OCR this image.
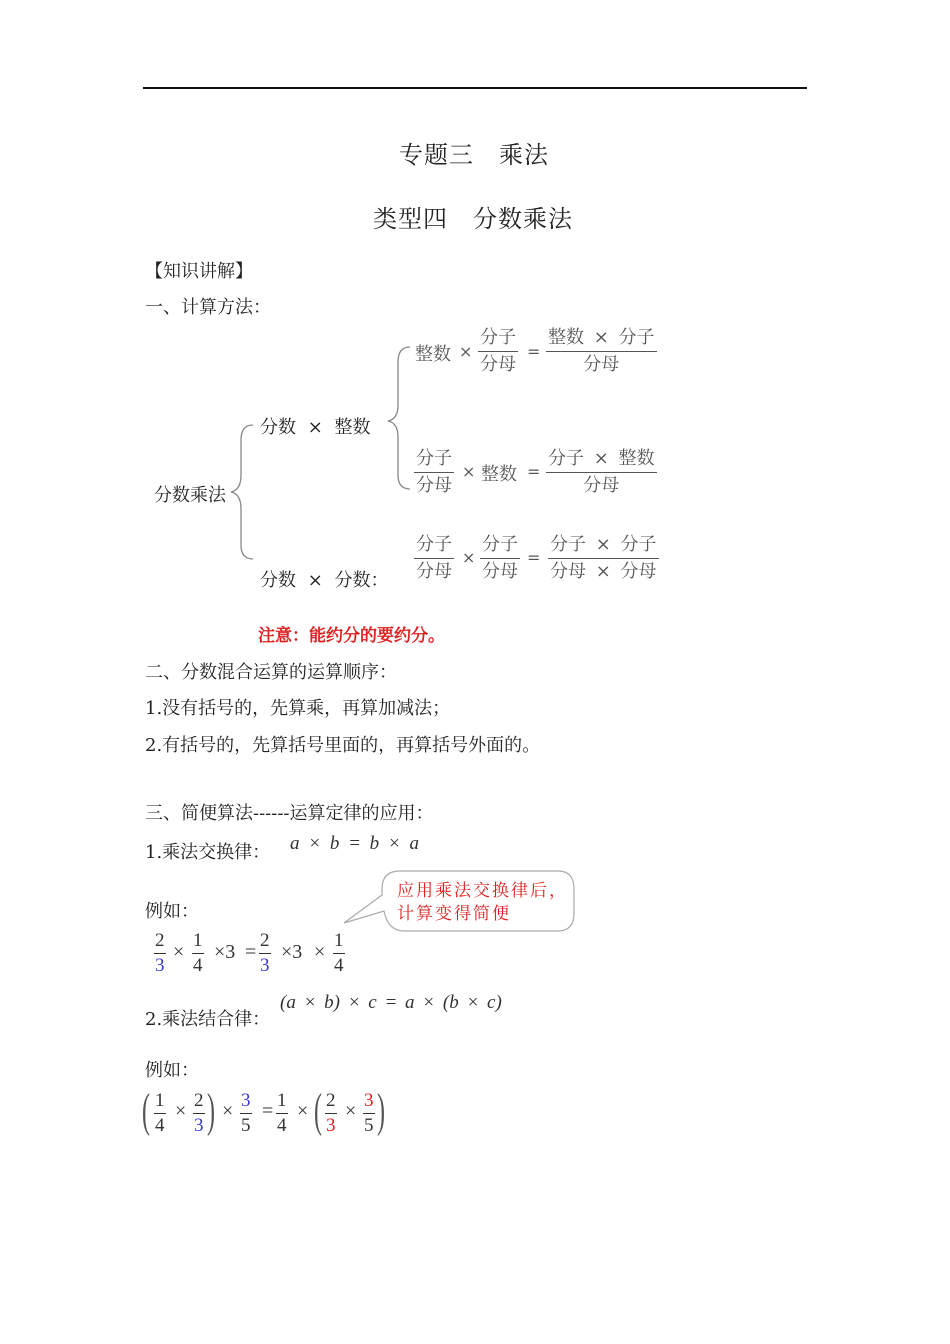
专题三　乘法
类型四　分数乘法
【知识讲解】
一、计算方法：
分数乘法
分数 × 整数
分数 × 分数：
整数 ×
分子
分母
=
整数 × 分子
分母
分子
分母
× 整数 =
分子 × 整数
分母
分子
分母
×
分子
分母
=
分子 × 分子
分母 × 分母
注意：能约分的要约分。
二、分数混合运算的运算顺序：
1.没有括号的，先算乘，再算加减法；
2.有括号的，先算括号里面的，再算括号外面的。
三、简便算法------运算定律的应用：
1.乘法交换律： a × b = b × a
应用乘法交换律后，
计算变得简便
例如：
$\frac{2}{3} \times \frac{1}{4} \times 3 = \frac{2}{3} \times 3 \times \frac{1}{4}$
2.乘法结合律：
(a × b) × c = a × (b × c)
例如：
( $\frac{1}{4} \times \frac{2}{3}$ ) × $\frac{3}{5} = \frac{1}{4}$ × ( $\frac{2}{3} \times \frac{3}{5}$ )
